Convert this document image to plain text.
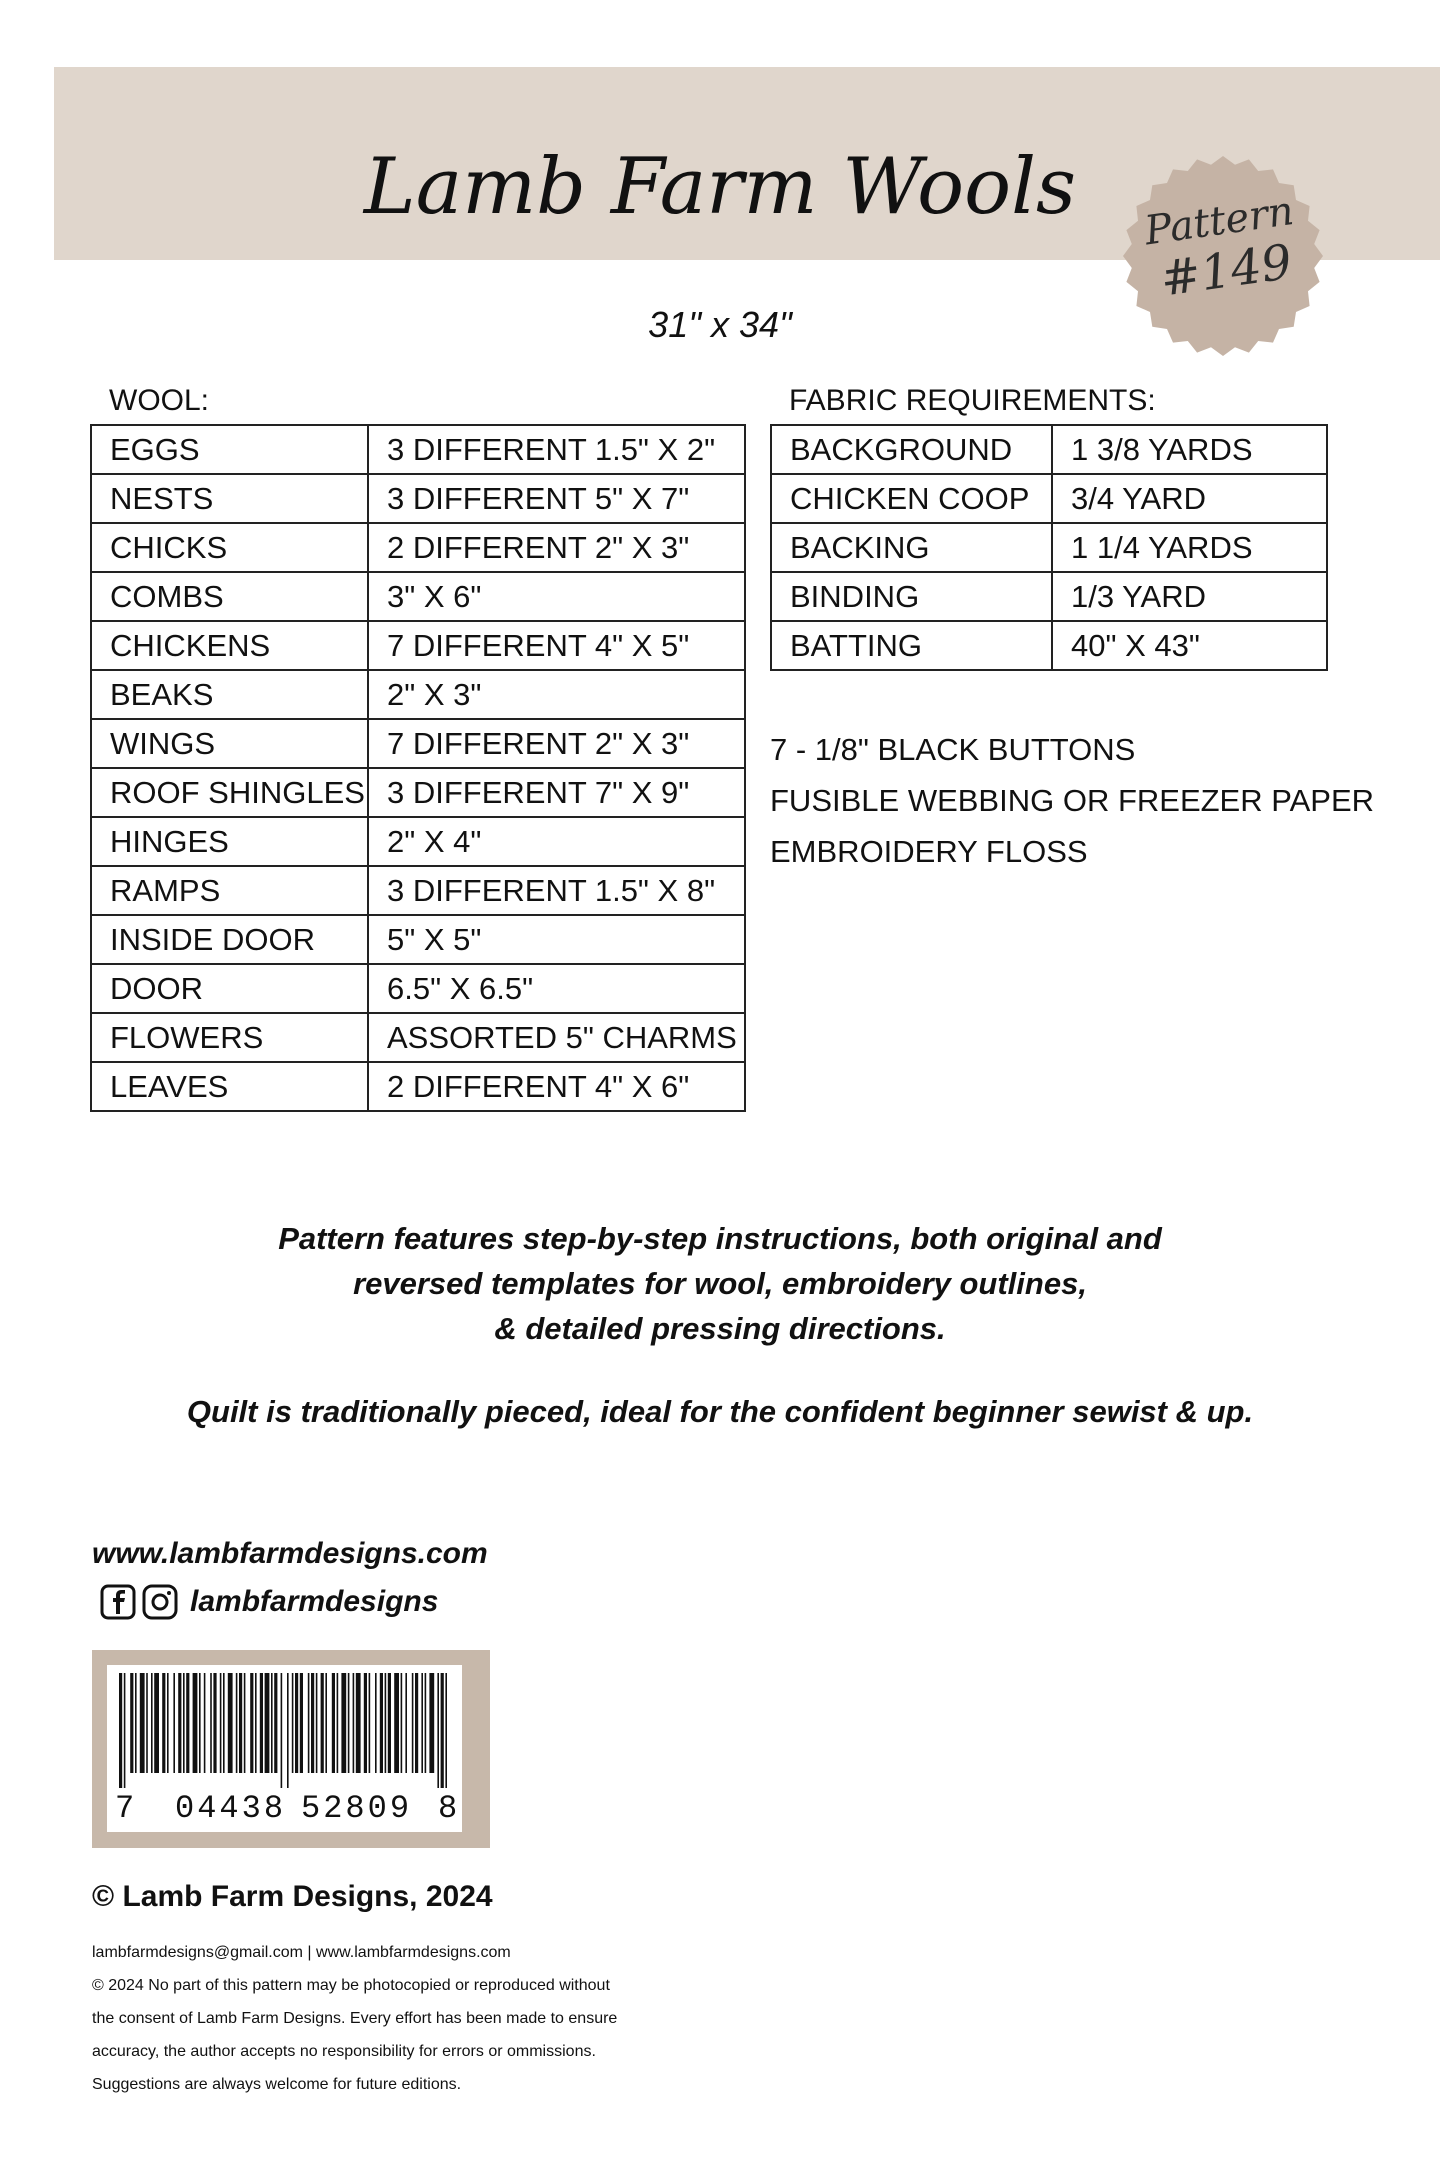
Lamb Farm Wools	Pattern
#149
31" x 34"
WOOL:
EGGS	3 DIFFERENT 1.5" X 2"
NESTS	3 DIFFERENT 5" X 7"
CHICKS	2 DIFFERENT 2" X 3"
COMBS	3" X 6"
CHICKENS	7 DIFFERENT 4" X 5"
BEAKS	2" X 3"
WINGS	7 DIFFERENT 2" X 3"
ROOF SHINGLES	3 DIFFERENT 7" X 9"
HINGES	2" X 4"
RAMPS	3 DIFFERENT 1.5" X 8"
INSIDE DOOR	5" X 5"
DOOR	6.5" X 6.5"
FLOWERS	ASSORTED 5" CHARMS
LEAVES	2 DIFFERENT 4" X 6"
FABRIC REQUIREMENTS:
BACKGROUND	1 3/8 YARDS
CHICKEN COOP	3/4 YARD
BACKING	1 1/4 YARDS
BINDING	1/3 YARD
BATTING	40" X 43"
7 - 1/8" BLACK BUTTONS
FUSIBLE WEBBING OR FREEZER PAPER
EMBROIDERY FLOSS
Pattern features step-by-step instructions, both original and
reversed templates for wool, embroidery outlines,
& detailed pressing directions.
Quilt is traditionally pieced, ideal for the confident beginner sewist & up.
www.lambfarmdesigns.com
lambfarmdesigns
7 04438 52809 8
© Lamb Farm Designs, 2024
lambfarmdesigns@gmail.com | www.lambfarmdesigns.com
© 2024 No part of this pattern may be photocopied or reproduced without
the consent of Lamb Farm Designs. Every effort has been made to ensure
accuracy, the author accepts no responsibility for errors or ommissions.
Suggestions are always welcome for future editions.
